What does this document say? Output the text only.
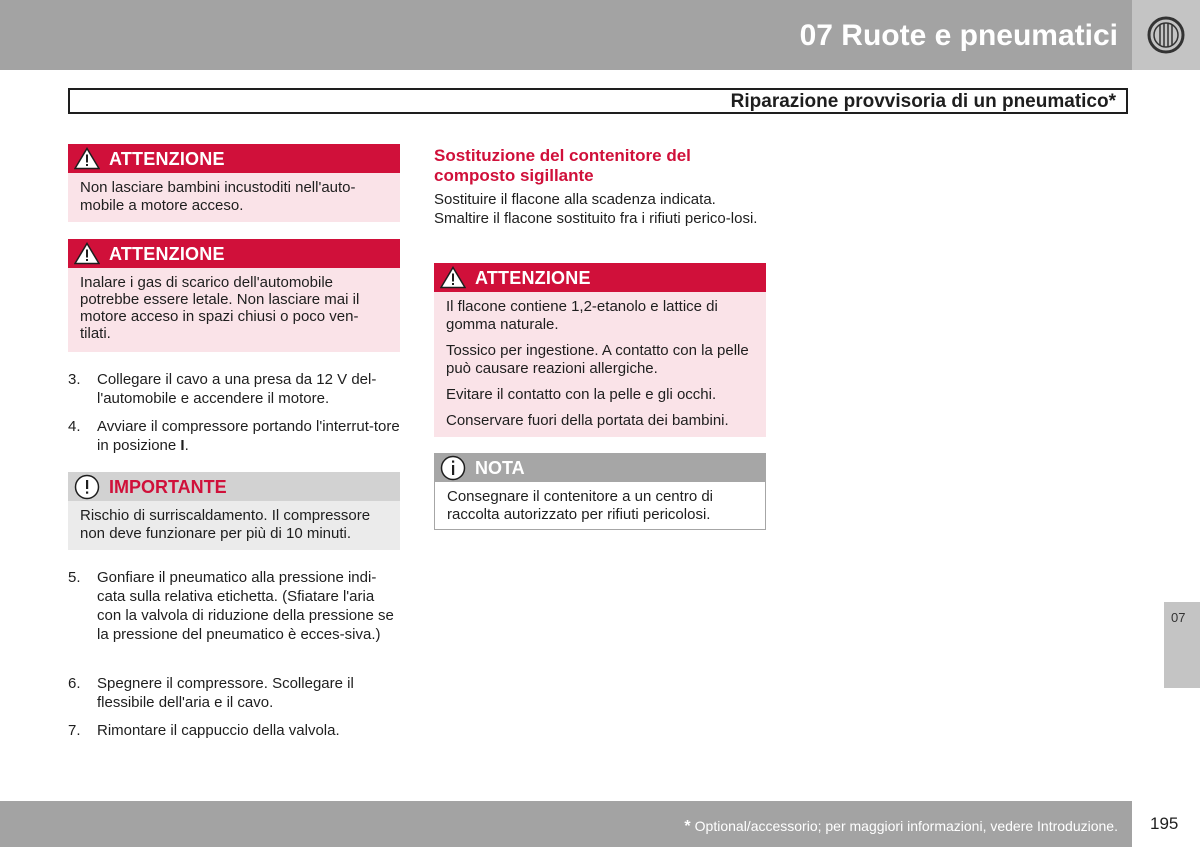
07 Ruote e pneumatici
Riparazione provvisoria di un pneumatico*
ATTENZIONE

Non lasciare bambini incustoditi nell'auto-mobile a motore acceso.

ATTENZIONE

Inalare i gas di scarico dell'automobile potrebbe essere letale. Non lasciare mai il motore acceso in spazi chiusi o poco ven-tilati.

3. Collegare il cavo a una presa da 12 V del-l'automobile e accendere il motore.
4. Avviare il compressore portando l'interrut-tore in posizione I.
IMPORTANTE

Rischio di surriscaldamento. Il compressore non deve funzionare per più di 10 minuti.

5. Gonfiare il pneumatico alla pressione indi-cata sulla relativa etichetta. (Sfiatare l'aria con la valvola di riduzione della pressione se la pressione del pneumatico è ecces-siva.)
6. Spegnere il compressore. Scollegare il flessibile dell'aria e il cavo.
7. Rimontare il cappuccio della valvola.
Sostituzione del contenitore del composto sigillante
Sostituire il flacone alla scadenza indicata. Smaltire il flacone sostituito fra i rifiuti perico-losi.
ATTENZIONE

Il flacone contiene 1,2-etanolo e lattice di gomma naturale.

Tossico per ingestione. A contatto con la pelle può causare reazioni allergiche.

Evitare il contatto con la pelle e gli occhi.

Conservare fuori della portata dei bambini.

NOTA

Consegnare il contenitore a un centro di raccolta autorizzato per rifiuti pericolosi.

07
* Optional/accessorio; per maggiori informazioni, vedere Introduzione. 195
